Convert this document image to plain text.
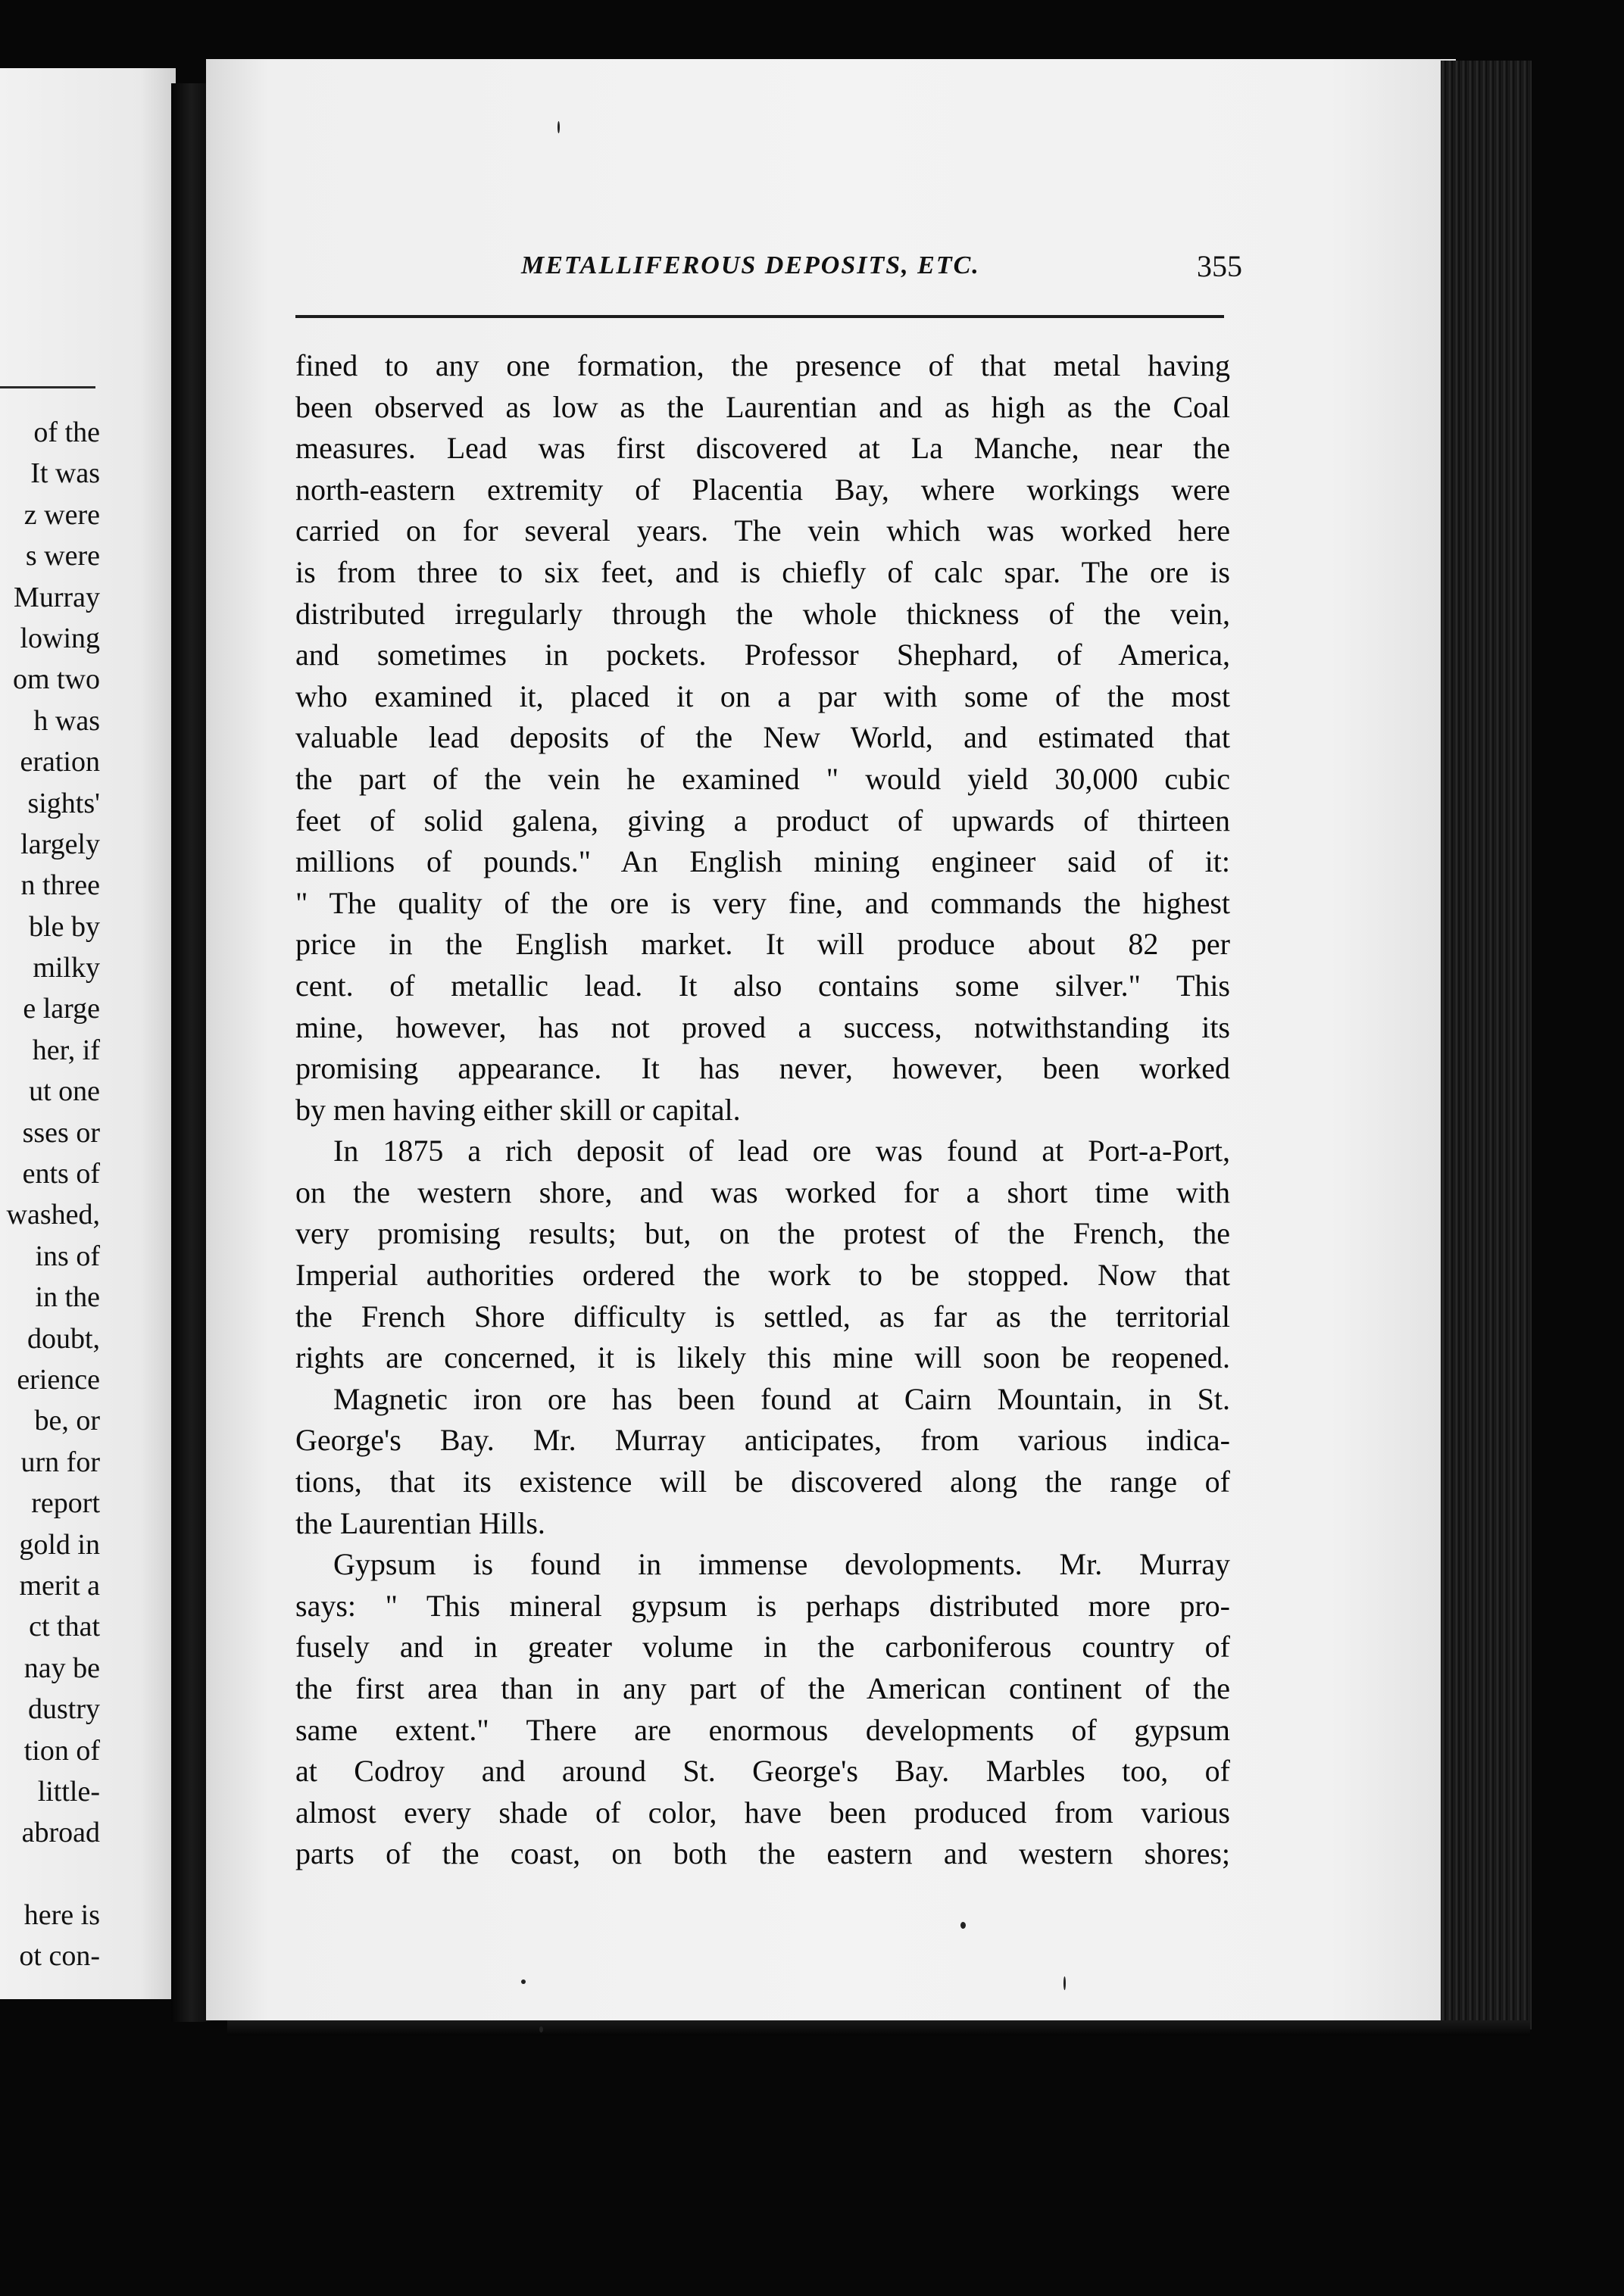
of the
It was
z were
s were
Murray
lowing
om two
h was
eration
sights'
largely
n three
ble by
milky
e large
her, if
ut one
sses or
ents of
washed,
ins of
in the
doubt,
erience
be, or
urn for
report
gold in
merit a
ct that
nay be
dustry
tion of
little-
abroad
here is
ot con-
METALLIFEROUS DEPOSITS, ETC.	355
fined to any one formation, the presence of that metal having
been observed as low as the Laurentian and as high as the Coal
measures. Lead was first discovered at La Manche, near the
north-eastern extremity of Placentia Bay, where workings were
carried on for several years. The vein which was worked here
is from three to six feet, and is chiefly of calc spar. The ore is
distributed irregularly through the whole thickness of the vein,
and sometimes in pockets. Professor Shephard, of America,
who examined it, placed it on a par with some of the most
valuable lead deposits of the New World, and estimated that
the part of the vein he examined " would yield 30,000 cubic
feet of solid galena, giving a product of upwards of thirteen
millions of pounds." An English mining engineer said of it:
" The quality of the ore is very fine, and commands the highest
price in the English market. It will produce about 82 per
cent. of metallic lead. It also contains some silver." This
mine, however, has not proved a success, notwithstanding its
promising appearance. It has never, however, been worked
by men having either skill or capital.
In 1875 a rich deposit of lead ore was found at Port-a-Port,
on the western shore, and was worked for a short time with
very promising results; but, on the protest of the French, the
Imperial authorities ordered the work to be stopped. Now that
the French Shore difficulty is settled, as far as the territorial
rights are concerned, it is likely this mine will soon be reopened.
Magnetic iron ore has been found at Cairn Mountain, in St.
George's Bay. Mr. Murray anticipates, from various indica-
tions, that its existence will be discovered along the range of
the Laurentian Hills.
Gypsum is found in immense devolopments. Mr. Murray
says: " This mineral gypsum is perhaps distributed more pro-
fusely and in greater volume in the carboniferous country of
the first area than in any part of the American continent of the
same extent." There are enormous developments of gypsum
at Codroy and around St. George's Bay. Marbles too, of
almost every shade of color, have been produced from various
parts of the coast, on both the eastern and western shores;
